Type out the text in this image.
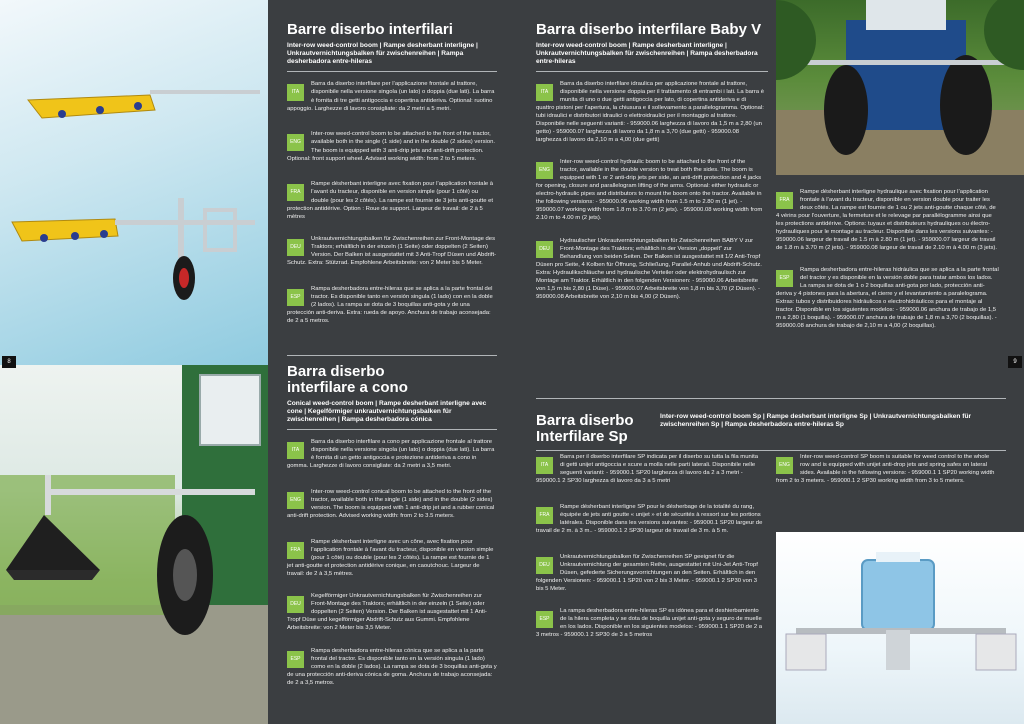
8	9
Barre diserbo interfilari
Inter-row weed-control boom | Rampe desherbant interligne | Unkrautvernichtungsbalken für zwischenreihen | Rampa desherbadora entre-hileras
ITA

Barra da diserbo interfilare per l’applicazione frontale al trattore, disponibile nella versione singola (un lato) o doppia (due lati). La barra è fornita di tre getti antigoccia e copertina antideriva. Optional: ruotino appoggio. Larghezze di lavoro consigliate: da 2 metri a 5 metri.

ENG

Inter-row weed-control boom to be attached to the front of the tractor, available both in the single (1 side) and in the double (2 sides) version. The boom is equipped with 3 anti-drip jets and anti-drift protection. Optional: front support wheel. Advised working width: from 2 to 5 meters.

FRA

Rampe désherbant interligne avec fixation pour l’application frontale à l’avant du tracteur, disponible en version simple (pour 1 côté) ou double (pour les 2 côtés). La rampe est fournie de 3 jets anti-goutte et protection antidérive. Option : Roue de support. Largeur de travail: de 2 à 5 mètres

DEU

Unkrautvernichtungsbalken für Zwischenreihen zur Front-Montage des Traktors; erhältlich in der einzeln (1 Seite) oder doppelten (2 Seiten) Version. Der Balken ist ausgestattet mit 3 Anti-Tropf Düsen und Abdrift- Schutz. Extra: Stützrad. Empfohlene Arbeitsbreite: von 2 Meter bis 5 Meter.

ESP

Rampa desherbadora entre-hileras que se aplica a la parte frontal del tractor. Es disponible tanto en versión singula (1 lado) con en la doble (2 lados). La rampa se dota de 3 boquillas anti-gota y de una protección anti-deriva. Extra: rueda de apoyo. Anchura de trabajo aconsejada: de 2 a 5 metros.

Barra diserbo
interfilare a cono
Conical weed-control boom | Rampe desherbant interligne avec cone | Kegelförmiger unkrautvernichtungsbalken für zwischenreihen | Rampa desherbadora cónica
ITA

Barra da diserbo interfilare a cono per applicazione frontale al trattore disponibile nella versione singola (un lato) o doppia (due lati). La barra è fornita di un getto antigoccia e protezione antideriva a cono in gomma. Larghezze di lavoro consigliate: da 2 metri a 3,5 metri.

ENG

Inter-row weed-control conical boom to be attached to the front of the tractor, available both in the single (1 side) and in the double (2 sides) version. The boom is equipped with 1 anti-drip jet and a rubber conical anti-drift protection. Advised working width: from 2 to 3.5 meters.

FRA

Rampe désherbant interligne avec un cône, avec fixation pour l’application frontale à l’avant du tracteur, disponible en version simple (pour 1 côté) ou double (pour les 2 côtés). La rampe est fournie de 1 jet anti-goutte et protection antidérive conique, en caoutchouc. Largeur de travail: de 2 à 3,5 mètres.

DEU

Kegelförmiger Unkrautvernichtungsbalken für Zwischenreihen zur Front-Montage des Traktors; erhältlich in der einzeln (1 Seite) oder doppelten (2 Seiten) Version. Der Balken ist ausgestattet mit 1 Anti-Tropf Düse und kegelförmiger Abdrift-Schutz aus Gummi. Empfohlene Arbeitsbreite: von 2 Meter bis 3,5 Meter.

ESP

Rampa desherbadora entre-hileras cónica que se aplica a la parte frontal del tractor. Es disponible tanto en la versión singula (1 lado) como en la doble (2 lados). La rampa se dota de 3 boquillas anti-gota y de una protección anti-deriva cónica de goma. Anchura de trabajo aconsejada: de 2 a 3,5 metros.

Barra diserbo interfilare Baby V
Inter-row weed-control boom | Rampe desherbant interligne | Unkrautvernichtungsbalken für zwischenreihen | Rampa desherbadora entre-hileras
ITA

Barra da diserbo interfilare idraulica per applicazione frontale al trattore, disponibile nella versione doppia per il trattamento di entrambi i lati. La barra è munita di uno o due getti antigoccia per lato, di copertina antideriva e di quattro pistoni per l’apertura, la chiusura e il sollevamento a parallelogramma. Optional: tubi idraulici e distributori idraulici o elettroidraulici per il montaggio al trattore. Disponibile nelle seguenti varianti: - 959000.06 larghezza di lavoro da 1,5 m a 2,80 (un getto) - 959000.07 larghezza di lavoro da 1,8 m a 3,70 (due getti) - 959000.08 larghezza di lavoro da 2,10 m a 4,00 (due getti)

ENG

Inter-row weed-control hydraulic boom to be attached to the front of the tractor, available in the double version to treat both the sides. The boom is equipped with 1 or 2 anti-drip jets per side, an anti-drift protection and 4 jacks for opening, closure and parallelogram lifting of the arms. Optional: either hydraulic or electro-hydraulic pipes and distributors to mount the boom onto the tractor. Available in the following versions: - 959000.06 working width from 1.5 m to 2.80 m (1 jet). - 959000.07 working width from 1.8 m to 3.70 m (2 jets). - 959000.08 working width from 2.10 m to 4.00 m (2 jets).

DEU

Hydraulischer Unkrautvernichtungsbalken für Zwischenreihen BABY V zur Front-Montage des Traktors; erhältlich in der Version „doppelt“ zur Behandlung von beiden Seiten. Der Balken ist ausgestattet mit 1/2 Anti-Tropf Düsen pro Seite, 4 Kolben für Öffnung, Schließung, Parallel-Anhub und Abdrift-Schutz. Extra: Hydraulikschläuche und hydraulische Verteiler oder elektrohydraulisch zur Montage am Traktor. Erhältlich in den folgenden Versionen: - 959000.06 Arbeitsbreite von 1,5 m bis 2,80 (1 Düse). - 959000.07 Arbeitsbreite von 1,8 m bis 3,70 (2 Düsen). - 959000.08 Arbeitsbreite von 2,10 m bis 4,00 (2 Düsen).

FRA

Rampe désherbant interligne hydraulique avec fixation pour l’application frontale à l’avant du tracteur, disponible en version double pour traiter les deux côtés. La rampe est fournie de 1 ou 2 jets anti-goutte chaque côté, de 4 vérins pour l’ouverture, la fermeture et le relevage par parallélogramme ainsi que les protections antidérive. Options: tuyaux et distributeurs hydrauliques ou électro-hydrauliques pour le montage au tracteur. Disponible dans les versions suivantes: - 959000.06 largeur de travail de 1.5 m à 2.80 m (1 jet). - 959000.07 largeur de travail de 1.8 m à 3.70 m (2 jets). - 959000.08 largeur de travail de 2.10 m à 4.00 m (3 jets).

ESP

Rampa desherbadora entre-hileras hidráulica que se aplica a la parte frontal del tractor y es disponible en la versión doble para tratar ambos los lados. La rampa se dota de 1 o 2 boquillas anti-gota por lado, protección anti-deriva y 4 pistones para la abertura, el cierre y el levantamiento a paralelograma. Extras: tubos y distribuidores hidráulicos o electrohidráulicos para el montaje al tractor. Disponible en los siguientes modelos: - 959000.06 anchura de trabajo de 1,5 m a 2,80 (1 boquilla). - 959000.07 anchura de trabajo de 1,8 m a 3,70 (2 boquillas). - 959000.08 anchura de trabajo de 2,10 m a 4,00 (2 boquillas).

Barra diserbo
Interfilare Sp
Inter-row weed-control boom Sp | Rampe desherbant interligne Sp | Unkrautvernichtungsbalken für zwischenreihen Sp | Rampa desherbadora entre-hileras Sp
ITA

Barra per il diserbo interfilare SP indicata per il diserbo su tutta la fila munita di getti unijet antigoccia e scure a molla nelle parti laterali. Disponibile nelle seguenti varianti: - 959000.1 SP20 larghezza di lavoro da 2 a 3 metri - 959000.1 2 SP30 larghezza di lavoro da 3 a 5 metri

FRA

Rampe désherbant interligne SP pour le désherbage de la totalité du rang, équipée de jets anti goutte « unijet » et de sécurités à ressort sur les portions latérales. Disponible dans les versions suivantes: - 959000.1 SP20 largeur de travail de 2 m. à 3 m.. - 959000.1 2 SP30 largeur de travail de 3 m. à 5 m.

DEU

Unkrautvernichtungsbalken für Zwischenreihen SP geeignet für die Unkrautvernichtung der gesamten Reihe, ausgestattet mit Uni-Jet Anti-Tropf Düsen, gefederte Sicherungsvorrichtungen an den Seiten. Erhältlich in den folgenden Versionen: - 959000.1 1 SP20 von 2 bis 3 Meter. - 959000.1 2 SP30 von 3 bis 5 Meter.

ESP

La rampa desherbadora entre-hileras SP es idónea para el deshierbamiento de la hilera completa y se dota de boquilla unijet anti-gota y seguro de muelle en los lados. Disponible en los siguientes modelos: - 959000.1 1 SP20 de 2 a 3 metros - 959000.1 2 SP30 de 3 a 5 metros

ENG

Inter-row weed-control SP boom is suitable for weed control to the whole row and is equipped with unijet anti-drop jets and spring safes on lateral sides. Available in the following versions: - 959000.1 1 SP20 working width from 2 to 3 meters. - 959000.1 2 SP30 working width from 3 to 5 meters.
